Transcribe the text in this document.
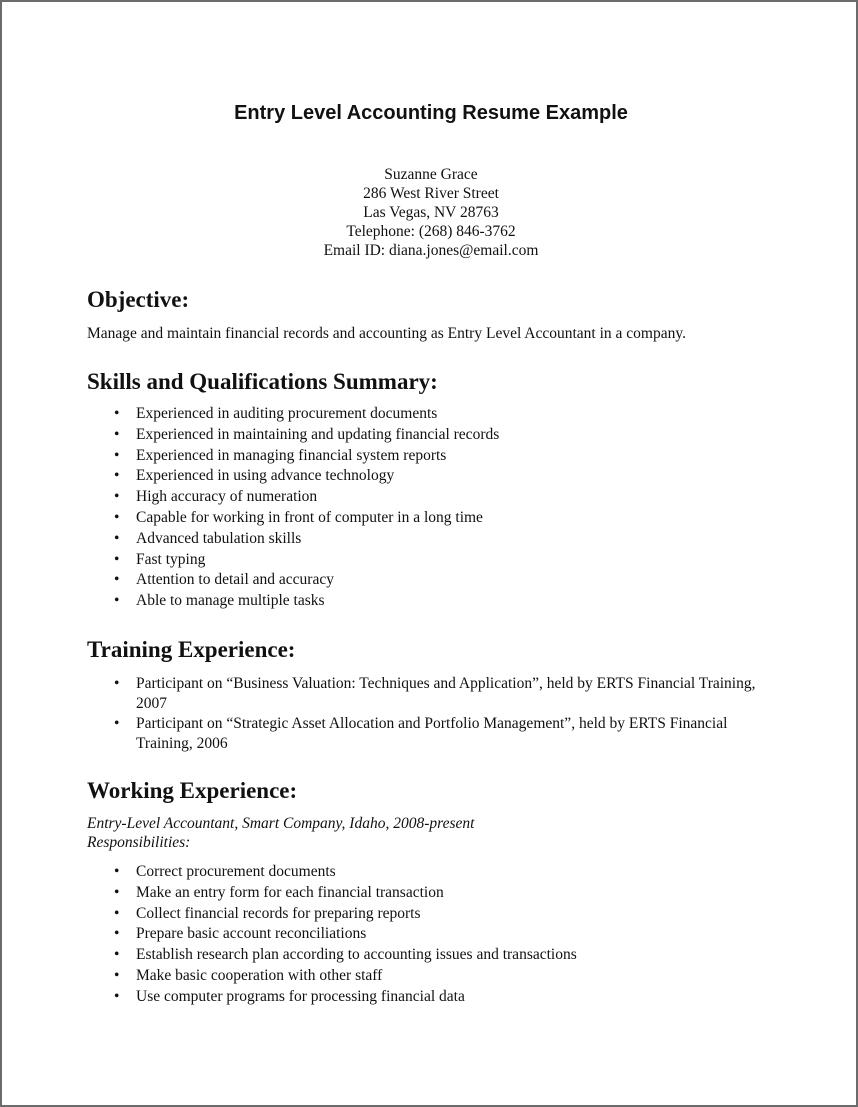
Entry Level Accounting Resume Example
Suzanne Grace
286 West River Street
Las Vegas, NV 28763
Telephone: (268) 846-3762
Email ID: diana.jones@email.com
Objective:

Manage and maintain financial records and accounting as Entry Level Accountant in a company.

Skills and Qualifications Summary:
• Experienced in auditing procurement documents
• Experienced in maintaining and updating financial records
• Experienced in managing financial system reports
• Experienced in using advance technology
• High accuracy of numeration
• Capable for working in front of computer in a long time
• Advanced tabulation skills
• Fast typing
• Attention to detail and accuracy
• Able to manage multiple tasks
Training Experience:
• Participant on “Business Valuation: Techniques and Application”, held by ERTS Financial Training, 2007
• Participant on “Strategic Asset Allocation and Portfolio Management”, held by ERTS Financial Training, 2006
Working Experience:

Entry-Level Accountant, Smart Company, Idaho, 2008-present

Responsibilities:

• Correct procurement documents
• Make an entry form for each financial transaction
• Collect financial records for preparing reports
• Prepare basic account reconciliations
• Establish research plan according to accounting issues and transactions
• Make basic cooperation with other staff
• Use computer programs for processing financial data
